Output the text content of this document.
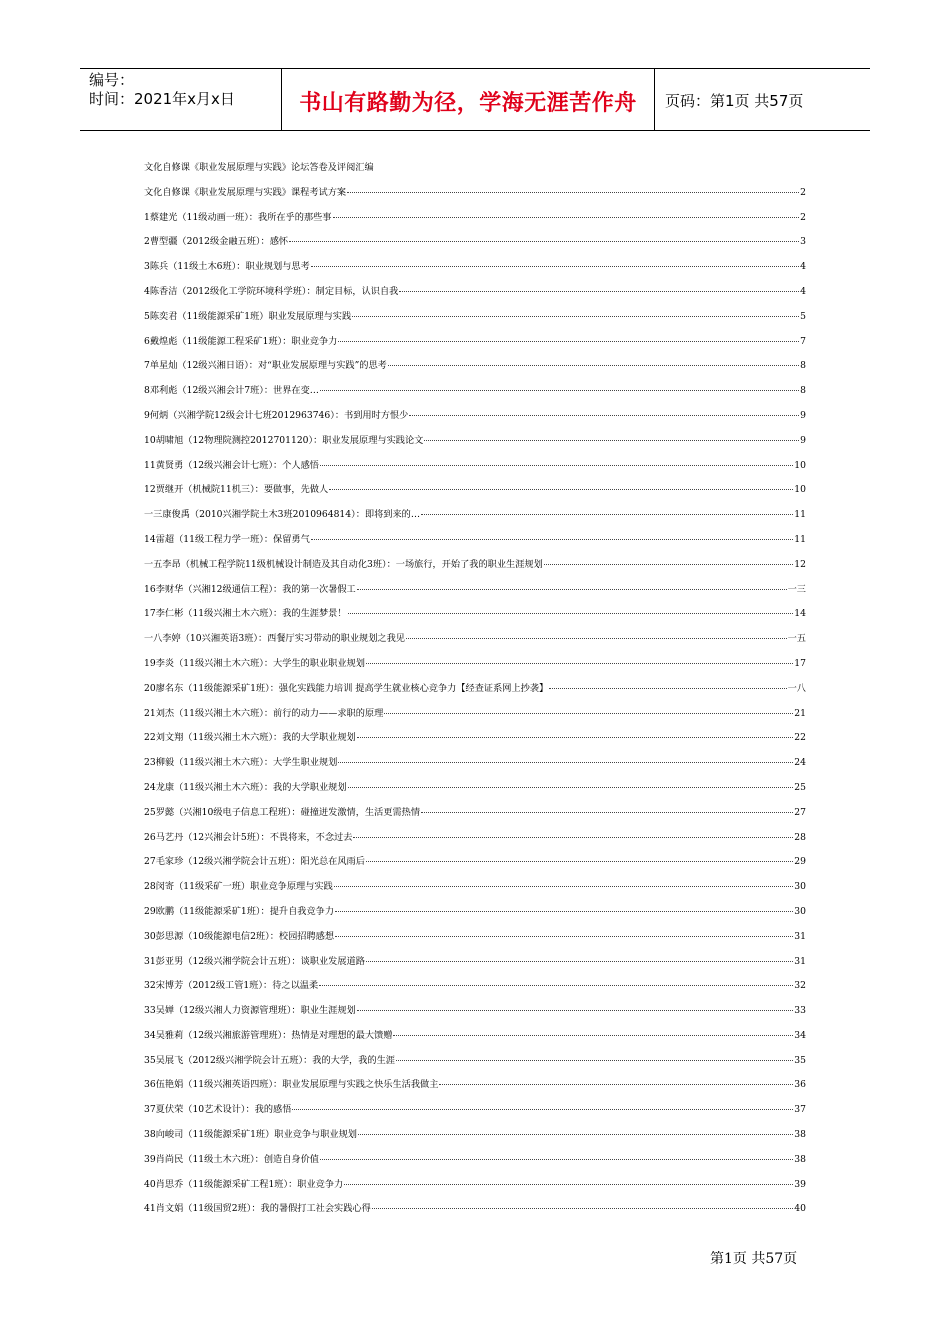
编号：
时间：2021年x月x日	书山有路勤为径，学海无涯苦作舟	页码：第1页 共57页
文化自修课《职业发展原理与实践》论坛答卷及评阅汇编
文化自修课《职业发展原理与实践》课程考试方案	2
1蔡建光（11级动画一班）：我所在乎的那些事	2
2曹型疆（2012级金融五班）：感怀	3
3陈兵（11级土木6班）：职业规划与思考	4
4陈香洁（2012级化工学院环境科学班）：制定目标，认识自我	4
5陈奕君（11级能源采矿1班）职业发展原理与实践	5
6戴煌彪（11级能源工程采矿1班）：职业竞争力	7
7单星灿（12级兴湘日语）：对“职业发展原理与实践”的思考	8
8邓利彪（12级兴湘会计7班）：世界在变…	8
9何炳（兴湘学院12级会计七班2012963746）：书到用时方恨少	9
10胡啸旭（12物理院测控2012701120）：职业发展原理与实践论文	9
11黄贤勇（12级兴湘会计七班）：个人感悟	10
12贾继开（机械院11机三）：要做事，先做人	10
一三康俊禹（2010兴湘学院土木3班2010964814）：即将到来的…	11
14雷超（11级工程力学一班）：保留勇气	11
一五李昂（机械工程学院11级机械设计制造及其自动化3班）：一场旅行，开始了我的职业生涯规划	12
16李财华（兴湘12级通信工程）：我的第一次暑假工	一三
17李仁彬（11级兴湘土木六班）：我的生涯梦景！	14
一八李婷（10兴湘英语3班）：西餐厅实习带动的职业规划之我见	一五
19李炎（11级兴湘土木六班）：大学生的职业职业规划	17
20廖名东（11级能源采矿1班）：强化实践能力培训 提高学生就业核心竞争力【经查证系网上抄袭】	一八
21刘杰（11级兴湘土木六班）：前行的动力——求职的原理	21
22刘文翔（11级兴湘土木六班）：我的大学职业规划	22
23柳毅（11级兴湘土木六班）：大学生职业规划	24
24龙康（11级兴湘土木六班）：我的大学职业规划	25
25罗懿（兴湘10级电子信息工程班）：碰撞迸发激情，生活更需热情	27
26马艺丹（12兴湘会计5班）：不畏将来，不念过去	28
27毛家珍（12级兴湘学院会计五班）：阳光总在风雨后	29
28闵寄（11级采矿一班）职业竞争原理与实践	30
29欧鹏（11级能源采矿1班）：提升自我竞争力	30
30彭思源（10级能源电信2班）：校园招聘感想	31
31彭亚男（12级兴湘学院会计五班）：谈职业发展道路	31
32宋博芳（2012级工管1班）：待之以温柔	32
33吴婵（12级兴湘人力资源管理班）：职业生涯规划	33
34吴雅莉（12级兴湘旅游管理班）：热情是对理想的最大馈赠	34
35吴展飞（2012级兴湘学院会计五班）：我的大学，我的生涯	35
36伍艳娟（11级兴湘英语四班）：职业发展原理与实践之快乐生活我做主	36
37夏伏荣（10艺术设计）：我的感悟	37
38向峻司（11级能源采矿1班）职业竞争与职业规划	38
39肖尚民（11级土木六班）：创造自身价值	38
40肖思乔（11级能源采矿工程1班）：职业竞争力	39
41肖文娟（11级国贸2班）：我的暑假打工社会实践心得	40
第1页 共57页
